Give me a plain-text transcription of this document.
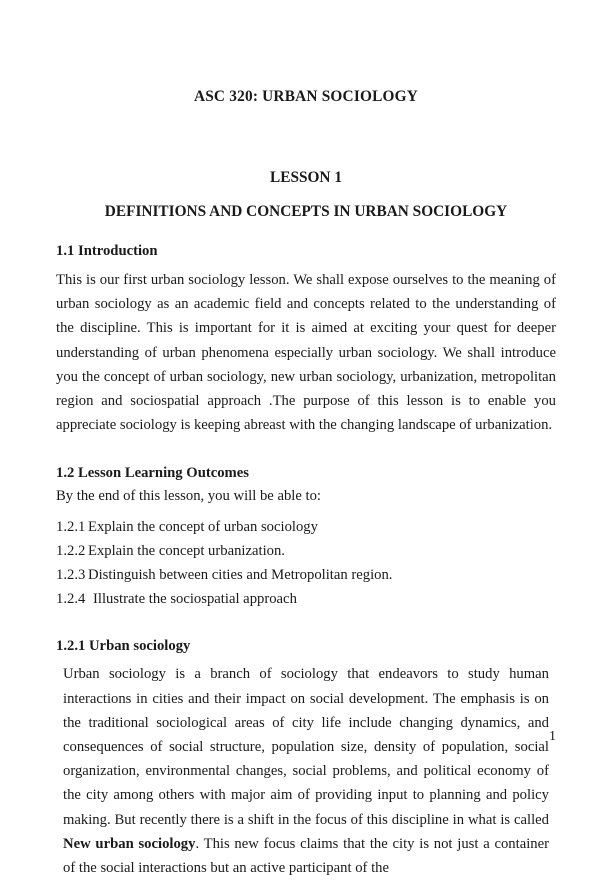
ASC 320: URBAN SOCIOLOGY
LESSON 1
DEFINITIONS AND CONCEPTS IN URBAN SOCIOLOGY
1.1 Introduction

This is our first urban sociology lesson. We shall expose ourselves to the meaning of urban sociology as an academic field and concepts related to the understanding of the discipline. This is important for it is aimed at exciting your quest for deeper understanding of urban phenomena especially urban sociology. We shall introduce you the concept of urban sociology, new urban sociology, urbanization, metropolitan region and sociospatial approach .The purpose of this lesson is to enable you appreciate sociology is keeping abreast with the changing landscape of urbanization.

1.2 Lesson Learning Outcomes

By the end of this lesson, you will be able to:

1.2.1 Explain the concept of urban sociology
1.2.2 Explain the concept urbanization.
1.2.3 Distinguish between cities and Metropolitan region.
1.2.4 Illustrate the sociospatial approach
1.2.1 Urban sociology

Urban sociology is a branch of sociology that endeavors to study human interactions in cities and their impact on social development. The emphasis is on the traditional sociological areas of city life include changing dynamics, and consequences of social structure, population size, density of population, social organization, environmental changes, social problems, and political economy of the city among others with major aim of providing input to planning and policy making. But recently there is a shift in the focus of this discipline in what is called New urban sociology. This new focus claims that the city is not just a container of the social interactions but an active participant of the

1
